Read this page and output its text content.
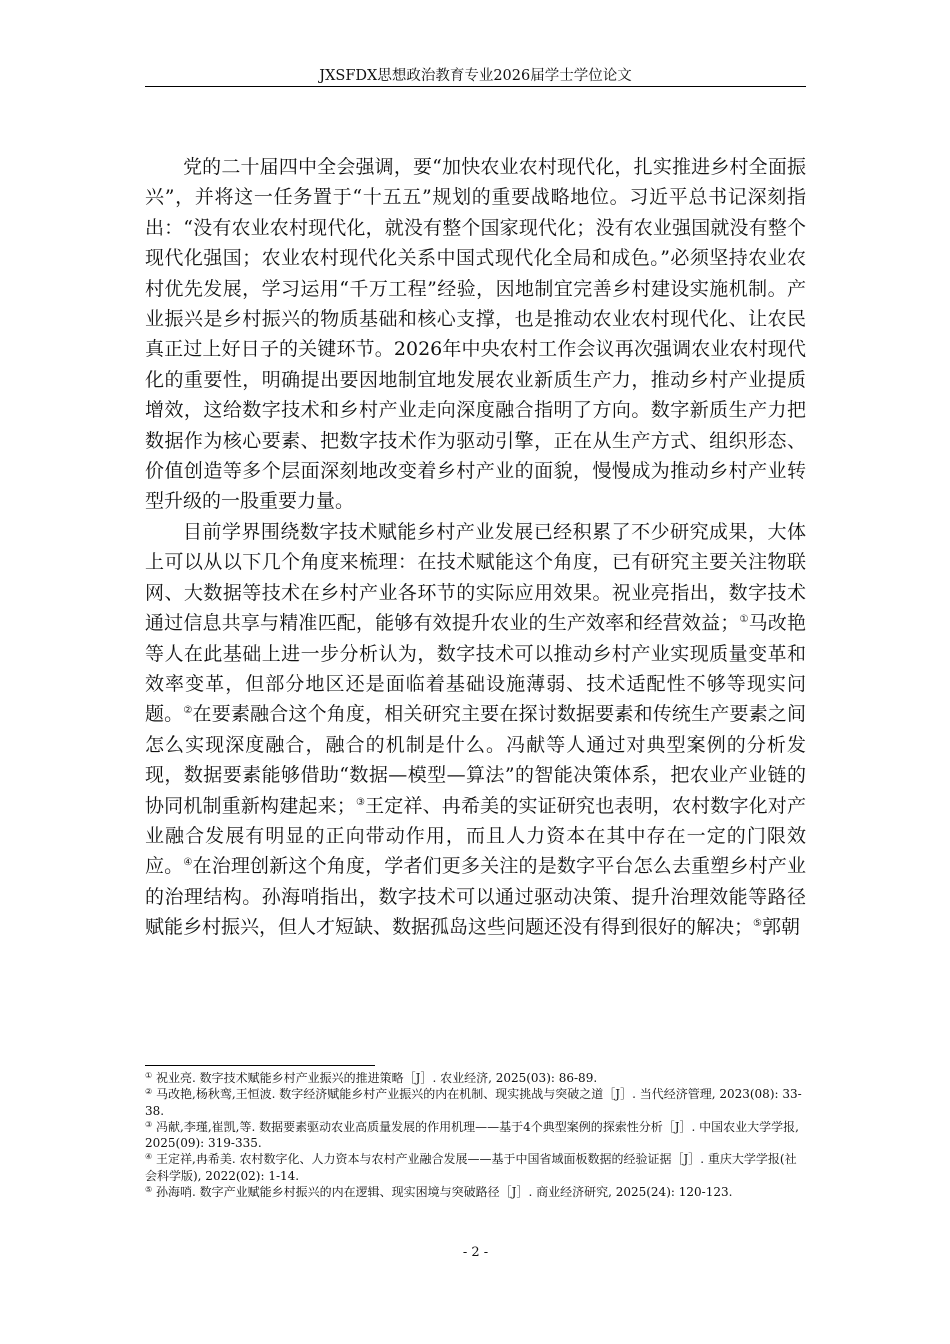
JXSFDX思想政治教育专业2026届学士学位论文

党的二十届四中全会强调，要“加快农业农村现代化，扎实推进乡村全面振兴”，并将这一任务置于“十五五”规划的重要战略地位。习近平总书记深刻指出：“没有农业农村现代化，就没有整个国家现代化；没有农业强国就没有整个现代化强国；农业农村现代化关系中国式现代化全局和成色。”必须坚持农业农村优先发展，学习运用“千万工程”经验，因地制宜完善乡村建设实施机制。产业振兴是乡村振兴的物质基础和核心支撑，也是推动农业农村现代化、让农民真正过上好日子的关键环节。2026年中央农村工作会议再次强调农业农村现代化的重要性，明确提出要因地制宜地发展农业新质生产力，推动乡村产业提质增效，这给数字技术和乡村产业走向深度融合指明了方向。数字新质生产力把数据作为核心要素、把数字技术作为驱动引擎，正在从生产方式、组织形态、价值创造等多个层面深刻地改变着乡村产业的面貌，慢慢成为推动乡村产业转型升级的一股重要力量。

目前学界围绕数字技术赋能乡村产业发展已经积累了不少研究成果，大体上可以从以下几个角度来梳理：在技术赋能这个角度，已有研究主要关注物联网、大数据等技术在乡村产业各环节的实际应用效果。祝业亮指出，数字技术通过信息共享与精准匹配，能够有效提升农业的生产效率和经营效益；①马改艳等人在此基础上进一步分析认为，数字技术可以推动乡村产业实现质量变革和效率变革，但部分地区还是面临着基础设施薄弱、技术适配性不够等现实问题。②在要素融合这个角度，相关研究主要在探讨数据要素和传统生产要素之间怎么实现深度融合，融合的机制是什么。冯献等人通过对典型案例的分析发现，数据要素能够借助“数据—模型—算法”的智能决策体系，把农业产业链的协同机制重新构建起来；③王定祥、冉希美的实证研究也表明，农村数字化对产业融合发展有明显的正向带动作用，而且人力资本在其中存在一定的门限效应。④在治理创新这个角度，学者们更多关注的是数字平台怎么去重塑乡村产业的治理结构。孙海哨指出，数字技术可以通过驱动决策、提升治理效能等路径赋能乡村振兴，但人才短缺、数据孤岛这些问题还没有得到很好的解决；⑤郭朝

① 祝业亮. 数字技术赋能乡村产业振兴的推进策略［J］. 农业经济, 2025(03): 86-89.

② 马改艳,杨秋鸾,王恒波. 数字经济赋能乡村产业振兴的内在机制、现实挑战与突破之道［J］. 当代经济管理, 2023(08): 33-38.

③ 冯献,李瑾,崔凯,等. 数据要素驱动农业高质量发展的作用机理——基于4个典型案例的探索性分析［J］. 中国农业大学学报, 2025(09): 319-335.

④ 王定祥,冉希美. 农村数字化、人力资本与农村产业融合发展——基于中国省域面板数据的经验证据［J］. 重庆大学学报(社会科学版), 2022(02): 1-14.

⑤ 孙海哨. 数字产业赋能乡村振兴的内在逻辑、现实困境与突破路径［J］. 商业经济研究, 2025(24): 120-123.

- 2 -
